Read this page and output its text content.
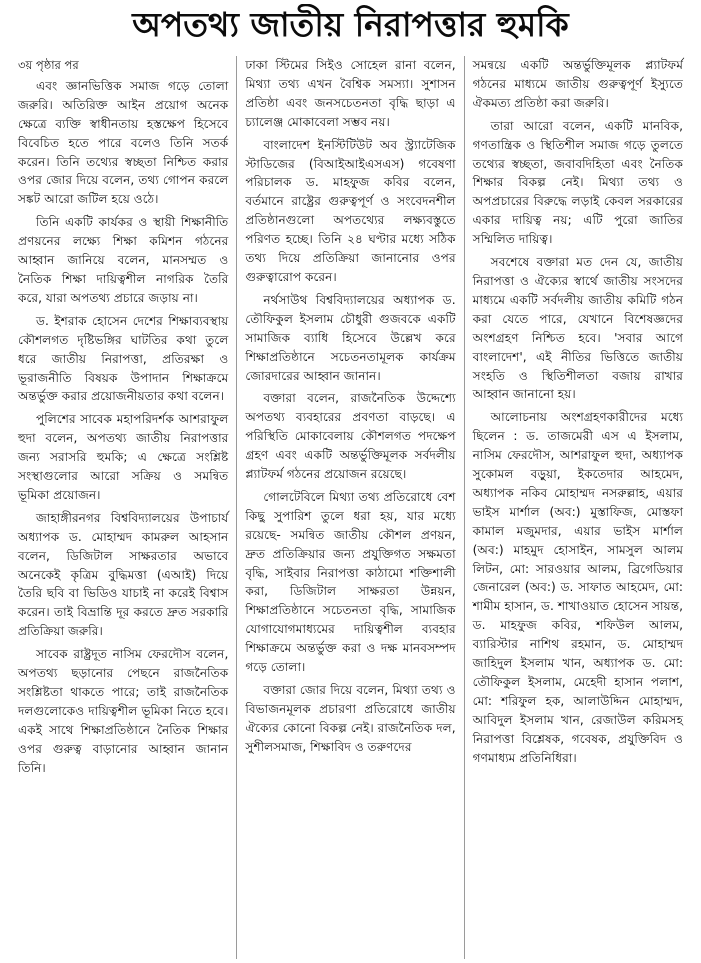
অপতথ্য জাতীয় নিরাপত্তার হুমকি
৩য় পৃষ্ঠার পর

এবং জ্ঞানভিত্তিক সমাজ গড়ে তোলা জরুরি। অতিরিক্ত আইন প্রয়োগ অনেক ক্ষেত্রে ব্যক্তি স্বাধীনতায় হস্তক্ষেপ হিসেবে বিবেচিত হতে পারে বলেও তিনি সতর্ক করেন। তিনি তথ্যের স্বচ্ছতা নিশ্চিত করার ওপর জোর দিয়ে বলেন, তথ্য গোপন করলে সঙ্কট আরো জটিল হয়ে ওঠে।

তিনি একটি কার্যকর ও স্থায়ী শিক্ষানীতি প্রণয়নের লক্ষ্যে শিক্ষা কমিশন গঠনের আহ্বান জানিয়ে বলেন, মানসম্মত ও নৈতিক শিক্ষা দায়িত্বশীল নাগরিক তৈরি করে, যারা অপতথ্য প্রচারে জড়ায় না।

ড. ইশরাক হোসেন দেশের শিক্ষাব্যবস্থায় কৌশলগত দৃষ্টিভঙ্গির ঘাটতির কথা তুলে ধরে জাতীয় নিরাপত্তা, প্রতিরক্ষা ও ভূরাজনীতি বিষয়ক উপাদান শিক্ষাক্রমে অন্তর্ভুক্ত করার প্রয়োজনীয়তার কথা বলেন।

পুলিশের সাবেক মহাপরিদর্শক আশরাফুল হুদা বলেন, অপতথ্য জাতীয় নিরাপত্তার জন্য সরাসরি হুমকি; এ ক্ষেত্রে সংশ্লিষ্ট সংস্থাগুলোর আরো সক্রিয় ও সমন্বিত ভূমিকা প্রয়োজন।

জাহাঙ্গীরনগর বিশ্ববিদ্যালয়ের উপাচার্য অধ্যাপক ড. মোহাম্মদ কামরুল আহসান বলেন, ডিজিটাল সাক্ষরতার অভাবে অনেকেই কৃত্রিম বুদ্ধিমত্তা (এআই) দিয়ে তৈরি ছবি বা ভিডিও যাচাই না করেই বিশ্বাস করেন। তাই বিভ্রান্তি দূর করতে দ্রুত সরকারি প্রতিক্রিয়া জরুরি।

সাবেক রাষ্ট্রদূত নাসিম ফেরদৌস বলেন, অপতথ্য ছড়ানোর পেছনে রাজনৈতিক সংশ্লিষ্টতা থাকতে পারে; তাই রাজনৈতিক দলগুলোকেও দায়িত্বশীল ভূমিকা নিতে হবে। একই সাথে শিক্ষাপ্রতিষ্ঠানে নৈতিক শিক্ষার ওপর গুরুত্ব বাড়ানোর আহ্বান জানান তিনি।

ঢাকা স্টিমের সিইও সোহেল রানা বলেন, মিথ্যা তথ্য এখন বৈশ্বিক সমস্যা। সুশাসন প্রতিষ্ঠা এবং জনসচেতনতা বৃদ্ধি ছাড়া এ চ্যালেঞ্জ মোকাবেলা সম্ভব নয়।

বাংলাদেশ ইনস্টিটিউট অব স্ট্র্যাটেজিক স্টাডিজের (বিআইআইএসএস) গবেষণা পরিচালক ড. মাহফুজ কবির বলেন, বর্তমানে রাষ্ট্রের গুরুত্বপূর্ণ ও সংবেদনশীল প্রতিষ্ঠানগুলো অপতথ্যের লক্ষ্যবস্তুতে পরিণত হচ্ছে। তিনি ২৪ ঘণ্টার মধ্যে সঠিক তথ্য দিয়ে প্রতিক্রিয়া জানানোর ওপর গুরুত্বারোপ করেন।

নর্থসাউথ বিশ্ববিদ্যালয়ের অধ্যাপক ড. তৌফিকুল ইসলাম চৌধুরী গুজবকে একটি সামাজিক ব্যাধি হিসেবে উল্লেখ করে শিক্ষাপ্রতিষ্ঠানে সচেতনতামূলক কার্যক্রম জোরদারের আহ্বান জানান।

বক্তারা বলেন, রাজনৈতিক উদ্দেশ্যে অপতথ্য ব্যবহারের প্রবণতা বাড়ছে। এ পরিস্থিতি মোকাবেলায় কৌশলগত পদক্ষেপ গ্রহণ এবং একটি অন্তর্ভুক্তিমূলক সর্বদলীয় প্ল্যাটফর্ম গঠনের প্রয়োজন রয়েছে।

গোলটেবিলে মিথ্যা তথ্য প্রতিরোধে বেশ কিছু সুপারিশ তুলে ধরা হয়, যার মধ্যে রয়েছে- সমন্বিত জাতীয় কৌশল প্রণয়ন, দ্রুত প্রতিক্রিয়ার জন্য প্রযুক্তিগত সক্ষমতা বৃদ্ধি, সাইবার নিরাপত্তা কাঠামো শক্তিশালী করা, ডিজিটাল সাক্ষরতা উন্নয়ন, শিক্ষাপ্রতিষ্ঠানে সচেতনতা বৃদ্ধি, সামাজিক যোগাযোগমাধ্যমের দায়িত্বশীল ব্যবহার শিক্ষাক্রমে অন্তর্ভুক্ত করা ও দক্ষ মানবসম্পদ গড়ে তোলা।

বক্তারা জোর দিয়ে বলেন, মিথ্যা তথ্য ও বিভাজনমূলক প্রচারণা প্রতিরোধে জাতীয় ঐক্যের কোনো বিকল্প নেই। রাজনৈতিক দল, সুশীলসমাজ, শিক্ষাবিদ ও তরুণদের

সমন্বয়ে একটি অন্তর্ভুক্তিমূলক প্ল্যাটফর্ম গঠনের মাধ্যমে জাতীয় গুরুত্বপূর্ণ ইস্যুতে ঐকমত্য প্রতিষ্ঠা করা জরুরি।

তারা আরো বলেন, একটি মানবিক, গণতান্ত্রিক ও স্থিতিশীল সমাজ গড়ে তুলতে তথ্যের স্বচ্ছতা, জবাবদিহিতা এবং নৈতিক শিক্ষার বিকল্প নেই। মিথ্যা তথ্য ও অপপ্রচারের বিরুদ্ধে লড়াই কেবল সরকারের একার দায়িত্ব নয়; এটি পুরো জাতির সম্মিলিত দায়িত্ব।

সবশেষে বক্তারা মত দেন যে, জাতীয় নিরাপত্তা ও ঐক্যের স্বার্থে জাতীয় সংসদের মাধ্যমে একটি সর্বদলীয় জাতীয় কমিটি গঠন করা যেতে পারে, যেখানে বিশেষজ্ঞদের অংশগ্রহণ নিশ্চিত হবে। 'সবার আগে বাংলাদেশ', এই নীতির ভিত্তিতে জাতীয় সংহতি ও স্থিতিশীলতা বজায় রাখার আহ্বান জানানো হয়।

আলোচনায় অংশগ্রহণকারীদের মধ্যে ছিলেন : ড. তাজমেরী এস এ ইসলাম, নাসিম ফেরদৌস, আশরাফুল হুদা, অধ্যাপক সুকোমল বড়ুয়া, ইকতেদার আহমেদ, অধ্যাপক নকিব মোহাম্মদ নসরুল্লাহ, এয়ার ভাইস মার্শাল (অব:) মুস্তাফিজ, মোস্তফা কামাল মজুমদার, এয়ার ভাইস মার্শাল (অব:) মাহমুদ হোসাইন, সামসুল আলম লিটন, মো: সারওয়ার আলম, ব্রিগেডিয়ার জেনারেল (অব:) ড. সাফাত আহমেদ, মো: শামীম হাসান, ড. শাখাওয়াত হোসেন সায়ন্ত, ড. মাহফুজ কবির, শফিউল আলম, ব্যারিস্টার নাশিথ রহমান, ড. মোহাম্মদ জাহিদুল ইসলাম খান, অধ্যাপক ড. মো: তৌফিকুল ইসলাম, মেহেদী হাসান পলাশ, মো: শরিফুল হক, আলাউদ্দিন মোহাম্মদ, আবিদুল ইসলাম খান, রেজাউল করিমসহ নিরাপত্তা বিশ্লেষক, গবেষক, প্রযুক্তিবিদ ও গণমাধ্যম প্রতিনিধিরা।
